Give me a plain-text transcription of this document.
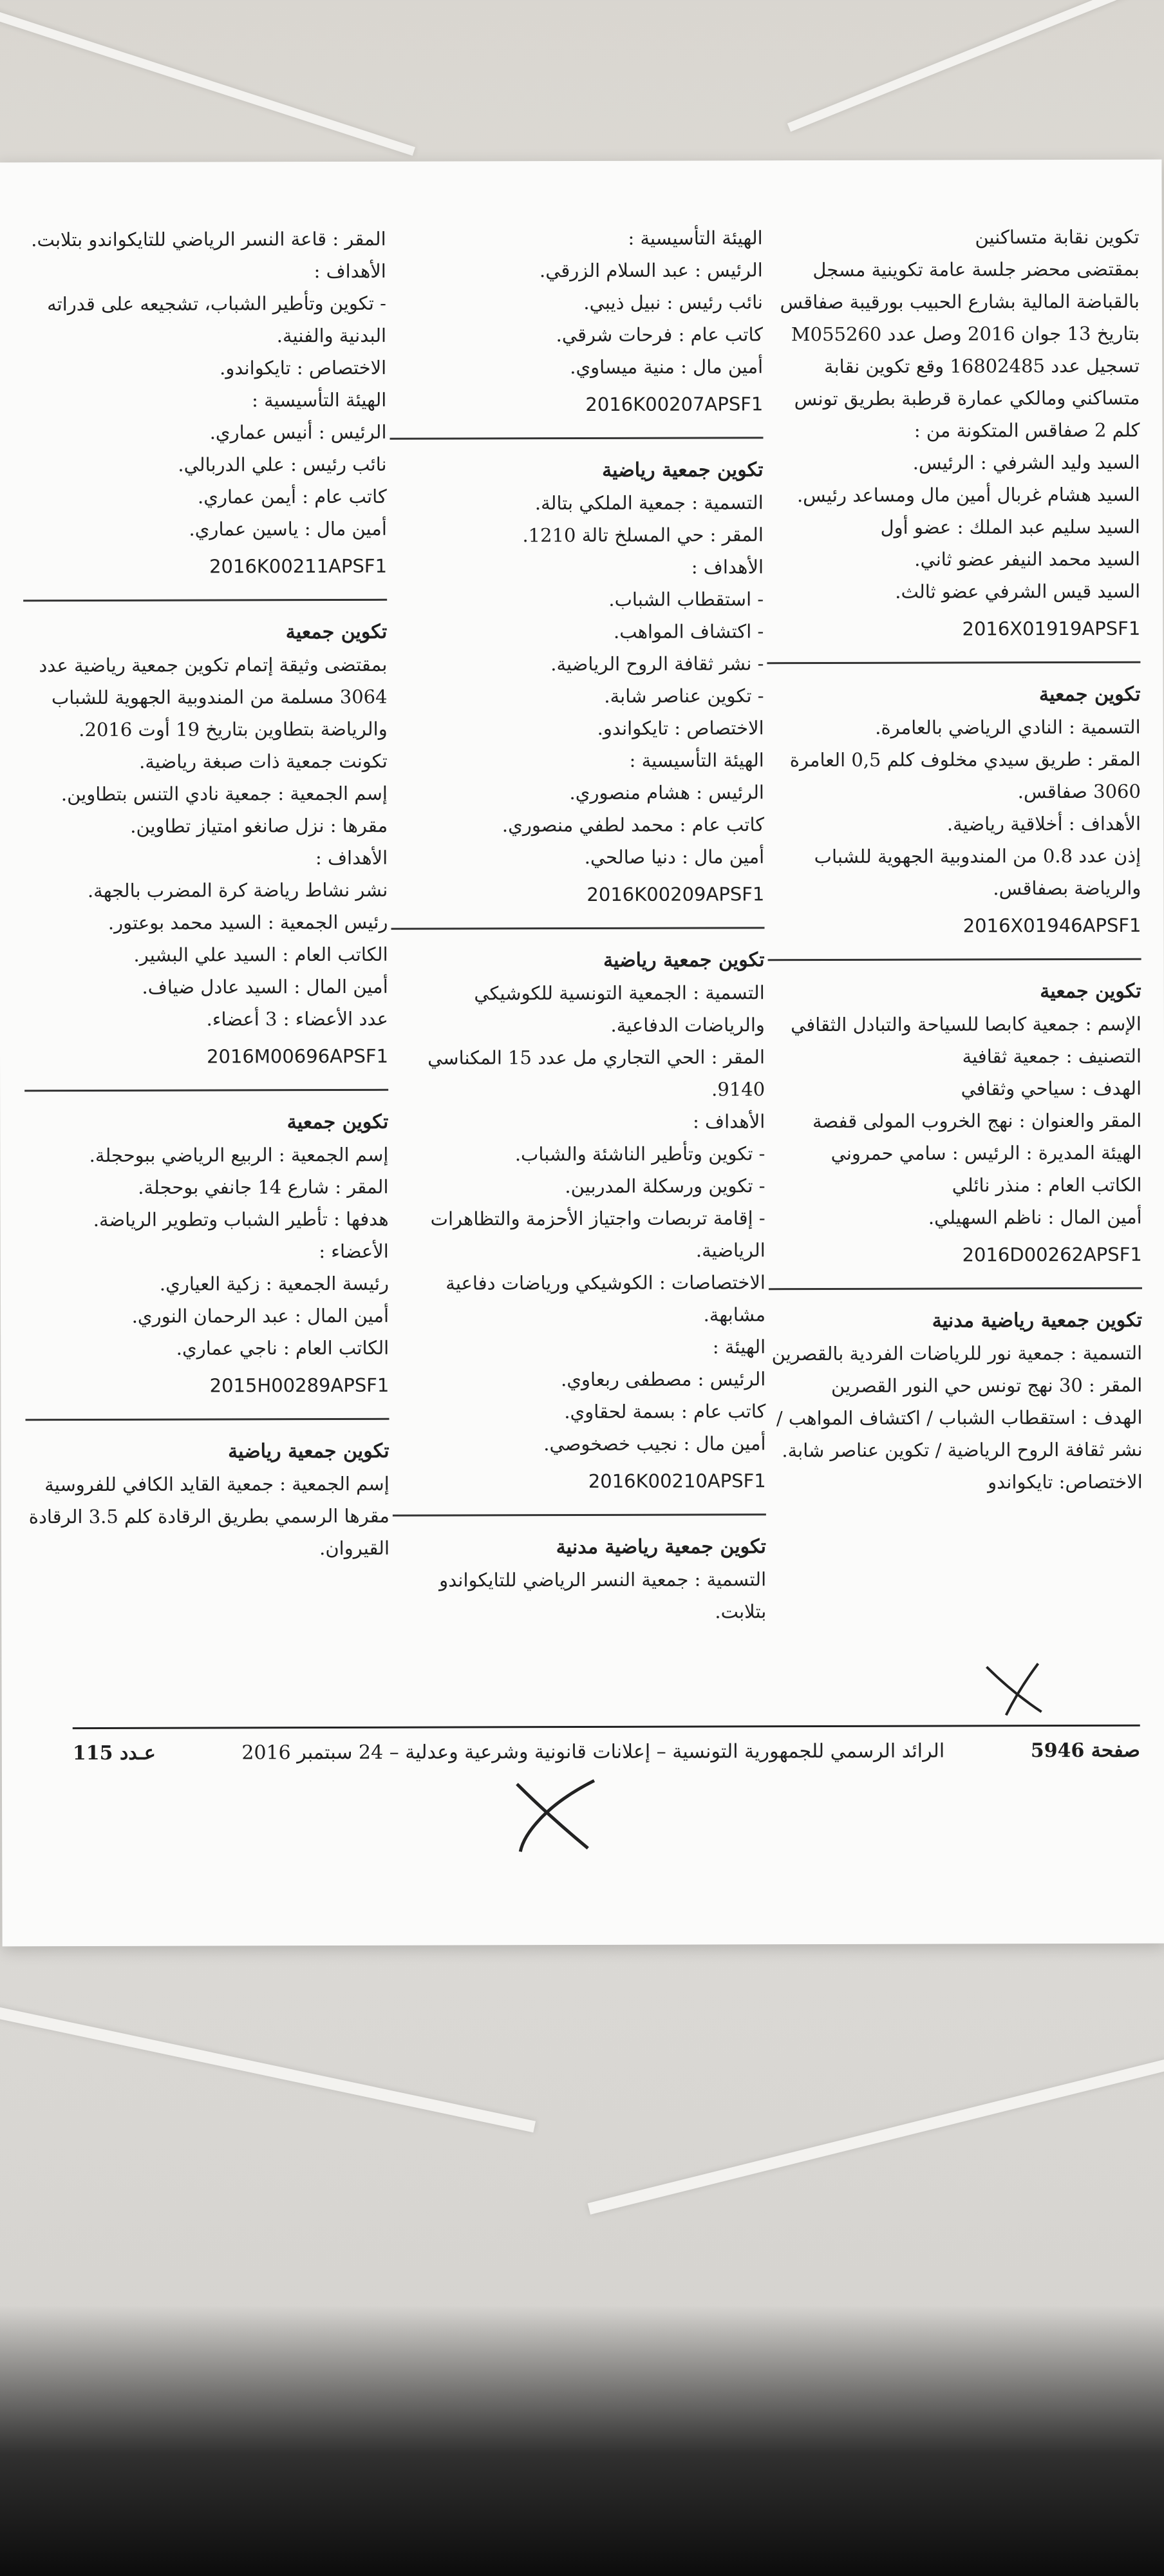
تكوين نقابة متساكنين

بمقتضى محضر جلسة عامة تكوينية مسجل بالقباضة المالية بشارع الحبيب بورقيبة صفاقس بتاريخ 13 جوان 2016 وصل عدد M055260 تسجيل عدد 16802485 وقع تكوين نقابة متساكني ومالكي عمارة قرطبة بطريق تونس كلم 2 صفاقس المتكونة من :

السيد وليد الشرفي : الرئيس.

السيد هشام غربال أمين مال ومساعد رئيس.

السيد سليم عبد الملك : عضو أول

السيد محمد النيفر عضو ثاني.

السيد قيس الشرفي عضو ثالث.

2016X01919APSF1

تكوين جمعية

التسمية : النادي الرياضي بالعامرة.

المقر : طريق سيدي مخلوف كلم 0,5 العامرة 3060 صفاقس.

الأهداف : أخلاقية رياضية.

إذن عدد 0.8 من المندوبية الجهوية للشباب والرياضة بصفاقس.

2016X01946APSF1

تكوين جمعية

الإسم : جمعية كابصا للسياحة والتبادل الثقافي

التصنيف : جمعية ثقافية

الهدف : سياحي وثقافي

المقر والعنوان : نهج الخروب المولى قفصة

الهيئة المديرة : الرئيس : سامي حمروني

الكاتب العام : منذر نائلي

أمين المال : ناظم السهيلي.

2016D00262APSF1

تكوين جمعية رياضية مدنية

التسمية : جمعية نور للرياضات الفردية بالقصرين

المقر : 30 نهج تونس حي النور القصرين

الهدف : استقطاب الشباب / اكتشاف المواهب / نشر ثقافة الروح الرياضية / تكوين عناصر شابة.

الاختصاص: تايكواندو

الهيئة التأسيسية :

الرئيس : عبد السلام الزرقي.

نائب رئيس : نبيل ذيبي.

كاتب عام : فرحات شرقي.

أمين مال : منية ميساوي.

2016K00207APSF1

تكوين جمعية رياضية

التسمية : جمعية الملكي بتالة.

المقر : حي المسلخ تالة 1210.

الأهداف :

- استقطاب الشباب.

- اكتشاف المواهب.

- نشر ثقافة الروح الرياضية.

- تكوين عناصر شابة.

الاختصاص : تايكواندو.

الهيئة التأسيسية :

الرئيس : هشام منصوري.

كاتب عام : محمد لطفي منصوري.

أمين مال : دنيا صالحي.

2016K00209APSF1

تكوين جمعية رياضية

التسمية : الجمعية التونسية للكوشيكي والرياضات الدفاعية.

المقر : الحي التجاري مل عدد 15 المكناسي 9140.

الأهداف :

- تكوين وتأطير الناشئة والشباب.

- تكوين ورسكلة المدربين.

- إقامة تربصات واجتياز الأحزمة والتظاهرات الرياضية.

الاختصاصات : الكوشيكي ورياضات دفاعية مشابهة.

الهيئة :

الرئيس : مصطفى ربعاوي.

كاتب عام : بسمة لحقاوي.

أمين مال : نجيب خصخوصي.

2016K00210APSF1

تكوين جمعية رياضية مدنية

التسمية : جمعية النسر الرياضي للتايكواندو بتلابت.

المقر : قاعة النسر الرياضي للتايكواندو بتلابت.

الأهداف :

- تكوين وتأطير الشباب، تشجيعه على قدراته البدنية والفنية.

الاختصاص : تايكواندو.

الهيئة التأسيسية :

الرئيس : أنيس عماري.

نائب رئيس : علي الدربالي.

كاتب عام : أيمن عماري.

أمين مال : ياسين عماري.

2016K00211APSF1

تكوين جمعية

بمقتضى وثيقة إتمام تكوين جمعية رياضية عدد 3064 مسلمة من المندوبية الجهوية للشباب والرياضة بتطاوين بتاريخ 19 أوت 2016.

تكونت جمعية ذات صبغة رياضية.

إسم الجمعية : جمعية نادي التنس بتطاوين.

مقرها : نزل صانغو امتياز تطاوين.

الأهداف :

نشر نشاط رياضة كرة المضرب بالجهة.

رئيس الجمعية : السيد محمد بوعتور.

الكاتب العام : السيد علي البشير.

أمين المال : السيد عادل ضياف.

عدد الأعضاء : 3 أعضاء.

2016M00696APSF1

تكوين جمعية

إسم الجمعية : الربيع الرياضي ببوحجلة.

المقر : شارع 14 جانفي بوحجلة.

هدفها : تأطير الشباب وتطوير الرياضة.

الأعضاء :

رئيسة الجمعية : زكية العياري.

أمين المال : عبد الرحمان النوري.

الكاتب العام : ناجي عماري.

2015H00289APSF1

تكوين جمعية رياضية

إسم الجمعية : جمعية القايد الكافي للفروسية

مقرها الرسمي بطريق الرقادة كلم 3.5 الرقادة القيروان.

صفحة 5946
الرائد الرسمي للجمهورية التونسية – إعلانات قانونية وشرعية وعدلية – 24 سبتمبر 2016
عـدد 115
